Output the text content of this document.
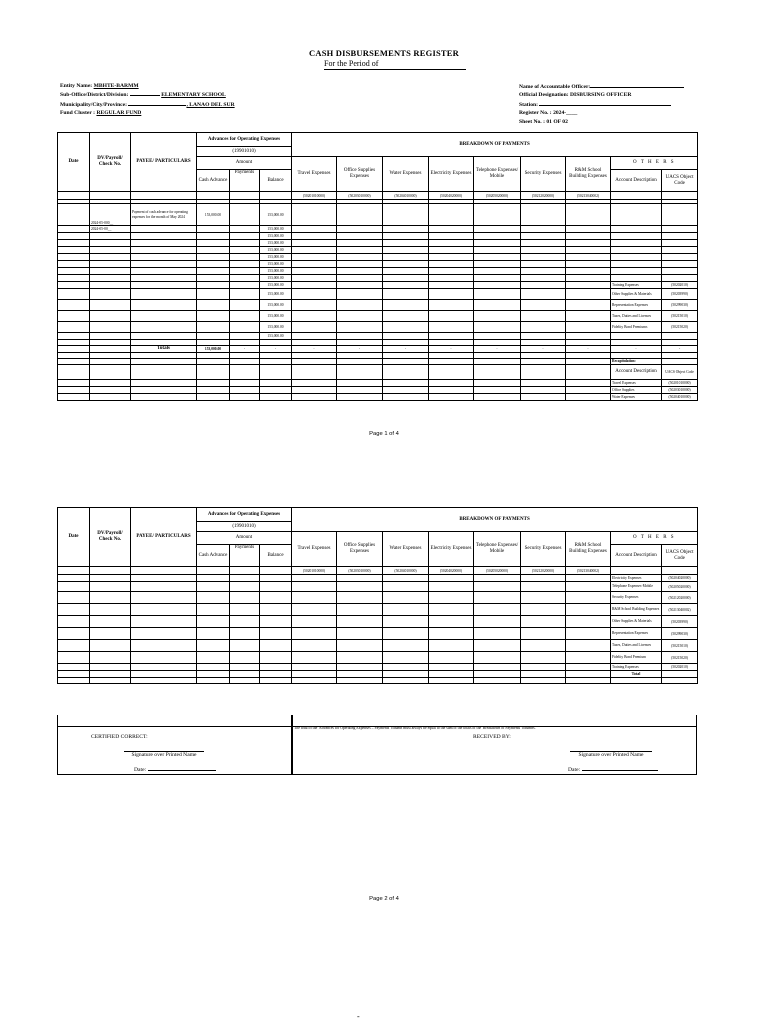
CASH DISBURSEMENTS REGISTER
For the Period of
Entity Name: MBHTE-BARMM
Sub-Office/District/Division:	ELEMENTARY SCHOOL
Municipality/City/Province:	, LANAO DEL SUR
Fund Cluster : REGULAR FUND
Name of Accountable Officer:
Official Designation: DISBURSING OFFICER
Station:
Register No. : 2024-____
Sheet No. : 01 OF 02
Date	DV/Payroll/ Check No.	PAYEE/ PARTICULARS	Advances for Operating Expenses			BREAKDOWN OF PAYMENTS								
			(19901010)											
			Amount			Travel Expenses	Office Supplies Expenses	Water Expenses	Electricity Expenses	Telephone Expenses/ Mobile	Security Expenses	R&M School Building Expenses	O T H E R S	
			Cash Advance	Payments	Balance								Account Description	UACS Object Code
						(50201010000)	(50203010000)	(50204010000)	(50204020000)	(50205020000)	(50212020000)	(50213040002)		

	2024-05-000__	Payment of cash advance for operating expenses for the month of May 2024	153,000.00		153,000.00									
	2024-05-00__				153,000.00									
					153,000.00									
					153,000.00									
					153,000.00									
					153,000.00									
					153,000.00									
					153,000.00									
					153,000.00									
					153,000.00								Training Expenses	(50202010)
					153,000.00								Other Supplies & Materials	(50203990)
					153,000.00								Representation Expenses	(50299030)
					153,000.00								Taxes, Duties and Licenses	(50215010)
					153,000.00								Fidelity Bond Premiums	(50215020)
					153,000.00									

		Totals	153,000.00	-	-	-	-	-	-	-	-	-	-	-

													Recapitulation:	
													Account Description	UACS Object Code
													Travel Expenses	(50201010000)
													Office Supplies	(50203010000)
													Water Expenses	(50204010000)
Page 1 of 4
Date	DV/Payroll/ Check No.	PAYEE/ PARTICULARS	Advances for Operating Expenses			BREAKDOWN OF PAYMENTS								
			(19901010)											
			Amount			Travel Expenses	Office Supplies Expenses	Water Expenses	Electricity Expenses	Telephone Expenses/ Mobile	Security Expenses	R&M School Building Expenses	O T H E R S	
			Cash Advance	Payments	Balance								Account Description	UACS Object Code
						(50201010000)	(50203010000)	(50204010000)	(50204020000)	(50205020000)	(50212020000)	(50213040002)		
													Electricity Expenses	(50204020000)
													Telephone Expenses-Mobile	(50205020000)
													Security Expenses	(50212020000)
													R&M School Building Expenses	(50213040002)
													Other Supplies & Materials	(50203990)
													Representation Expenses	(50299030)
													Taxes, Duties and Licenses	(50215010)
													Fidelity Bond Premium	(50215020)
													Training Expenses	(50202010)
													Total	

The total of the 'Advances for Operating Expenses – Payments' column must always be equal to the sum of the totals of the 'Breakdown of Payments' columns.
CERTIFIED CORRECT:	RECEIVED BY:
Signature over Printed Name	Signature over Printed Name
Date:	Date:
Page 2 of 4
-
